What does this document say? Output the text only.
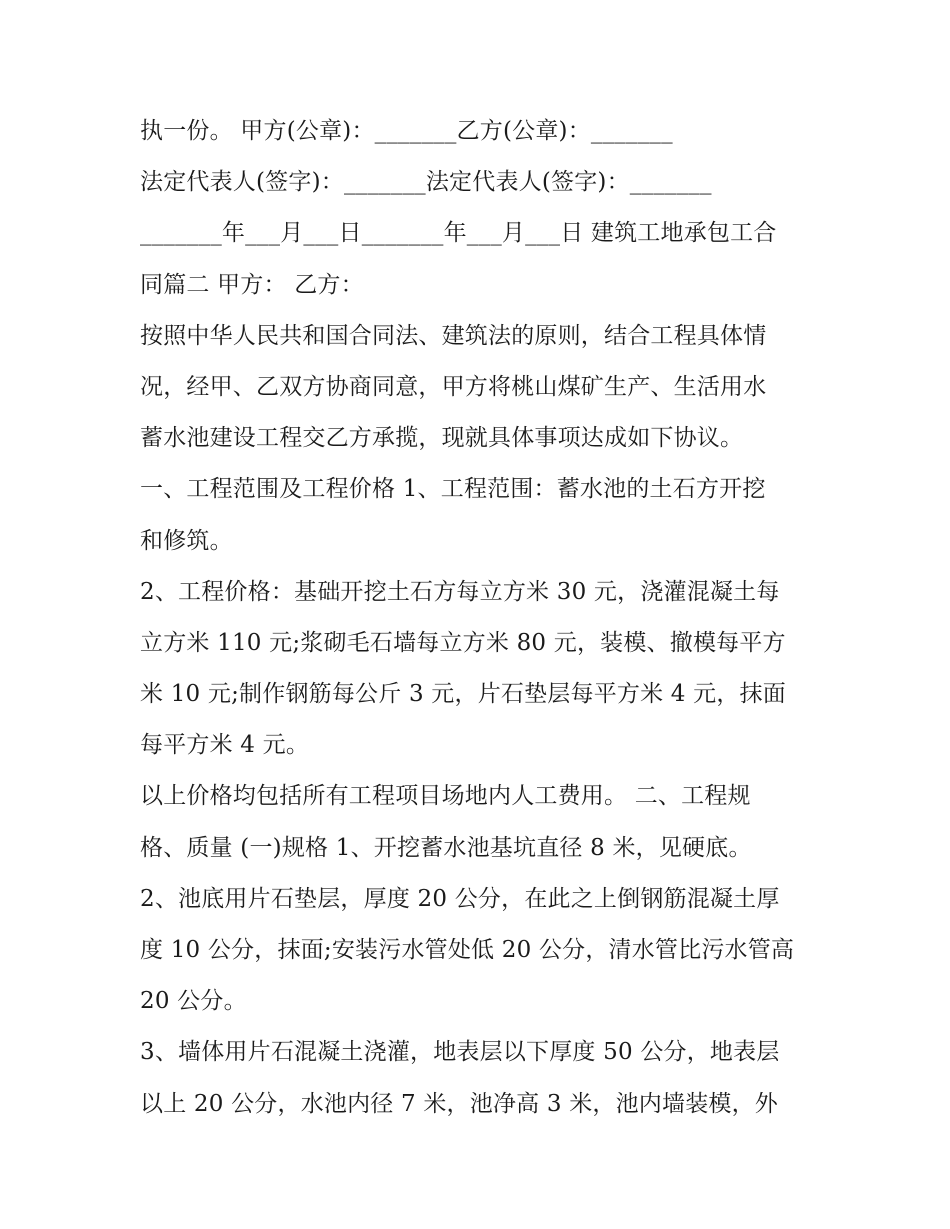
执一份。 甲方(公章)：_______乙方(公章)：_______
法定代表人(签字)：_______法定代表人(签字)：_______
_______年___月___日_______年___月___日 建筑工地承包工合
同篇二 甲方： 乙方：
按照中华人民共和国合同法、建筑法的原则，结合工程具体情
况，经甲、乙双方协商同意，甲方将桃山煤矿生产、生活用水
蓄水池建设工程交乙方承揽，现就具体事项达成如下协议。
一、工程范围及工程价格 1、工程范围：蓄水池的土石方开挖
和修筑。
2、工程价格：基础开挖土石方每立方米 30 元，浇灌混凝土每
立方米 110 元;浆砌毛石墙每立方米 80 元，装模、撤模每平方
米 10 元;制作钢筋每公斤 3 元，片石垫层每平方米 4 元，抹面
每平方米 4 元。
以上价格均包括所有工程项目场地内人工费用。 二、工程规
格、质量 (一)规格 1、开挖蓄水池基坑直径 8 米，见硬底。
2、池底用片石垫层，厚度 20 公分，在此之上倒钢筋混凝土厚
度 10 公分，抹面;安装污水管处低 20 公分，清水管比污水管高
20 公分。
3、墙体用片石混凝土浇灌，地表层以下厚度 50 公分，地表层
以上 20 公分，水池内径 7 米，池净高 3 米，池内墙装模，外
